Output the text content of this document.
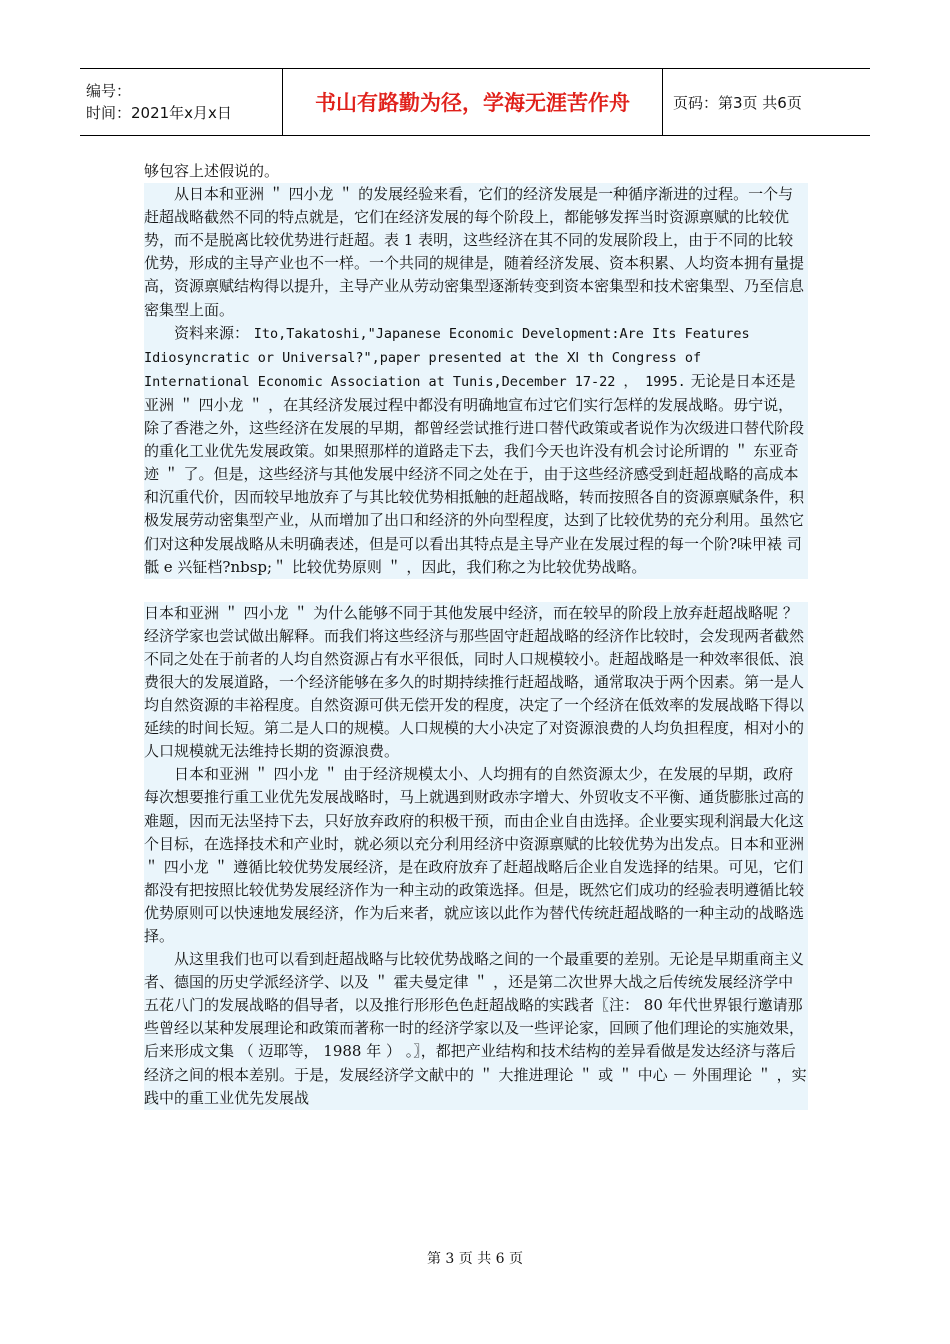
编号：
时间：2021年x月x日	书山有路勤为径，学海无涯苦作舟	页码：第3页 共6页

够包容上述假说的。

从日本和亚洲 ＂ 四小龙 ＂ 的发展经验来看，它们的经济发展是一种循序渐进的过程。一个与赶超战略截然不同的特点就是，它们在经济发展的每个阶段上，都能够发挥当时资源禀赋的比较优势，而不是脱离比较优势进行赶超。表 1 表明，这些经济在其不同的发展阶段上，由于不同的比较优势，形成的主导产业也不一样。一个共同的规律是，随着经济发展、资本积累、人均资本拥有量提高，资源禀赋结构得以提升，主导产业从劳动密集型逐渐转变到资本密集型和技术密集型、乃至信息密集型上面。

资料来源： Ito,Takatoshi,"Japanese Economic Development:Are Its Features Idiosyncratic or Universal?",paper presented at the Ⅺ th Congress of International Economic Association at Tunis,December 17-22 ， 1995. 无论是日本还是亚洲 ＂ 四小龙 ＂ ，在其经济发展过程中都没有明确地宣布过它们实行怎样的发展战略。毋宁说，除了香港之外，这些经济在发展的早期，都曾经尝试推行进口替代政策或者说作为次级进口替代阶段的重化工业优先发展政策。如果照那样的道路走下去，我们今天也许没有机会讨论所谓的 ＂ 东亚奇迹 ＂ 了。但是，这些经济与其他发展中经济不同之处在于，由于这些经济感受到赶超战略的高成本和沉重代价，因而较早地放弃了与其比较优势相抵触的赶超战略，转而按照各自的资源禀赋条件，积极发展劳动密集型产业，从而增加了出口和经济的外向型程度，达到了比较优势的充分利用。虽然它们对这种发展战略从未明确表述，但是可以看出其特点是主导产业在发展过程的每一个阶?味甲裱 司 骶 e 兴钲档?nbsp;＂ 比较优势原则 ＂ ，因此，我们称之为比较优势战略。

日本和亚洲 ＂ 四小龙 ＂ 为什么能够不同于其他发展中经济，而在较早的阶段上放弃赶超战略呢 ？ 经济学家也尝试做出解释。而我们将这些经济与那些固守赶超战略的经济作比较时，会发现两者截然不同之处在于前者的人均自然资源占有水平很低，同时人口规模较小。赶超战略是一种效率很低、浪费很大的发展道路，一个经济能够在多久的时期持续推行赶超战略，通常取决于两个因素。第一是人均自然资源的丰裕程度。自然资源可供无偿开发的程度，决定了一个经济在低效率的发展战略下得以延续的时间长短。第二是人口的规模。人口规模的大小决定了对资源浪费的人均负担程度，相对小的人口规模就无法维持长期的资源浪费。

日本和亚洲 ＂ 四小龙 ＂ 由于经济规模太小、人均拥有的自然资源太少，在发展的早期，政府每次想要推行重工业优先发展战略时，马上就遇到财政赤字增大、外贸收支不平衡、通货膨胀过高的难题，因而无法坚持下去，只好放弃政府的积极干预，而由企业自由选择。企业要实现利润最大化这个目标，在选择技术和产业时，就必须以充分利用经济中资源禀赋的比较优势为出发点。日本和亚洲 ＂ 四小龙 ＂ 遵循比较优势发展经济，是在政府放弃了赶超战略后企业自发选择的结果。可见，它们都没有把按照比较优势发展经济作为一种主动的政策选择。但是，既然它们成功的经验表明遵循比较优势原则可以快速地发展经济，作为后来者，就应该以此作为替代传统赶超战略的一种主动的战略选择。

从这里我们也可以看到赶超战略与比较优势战略之间的一个最重要的差别。无论是早期重商主义者、德国的历史学派经济学、以及 ＂ 霍夫曼定律 ＂ ，还是第二次世界大战之后传统发展经济学中五花八门的发展战略的倡导者，以及推行形形色色赶超战略的实践者〖注： 80 年代世界银行邀请那些曾经以某种发展理论和政策而著称一时的经济学家以及一些评论家，回顾了他们理论的实施效果，后来形成文集 （ 迈耶等， 1988 年 ） 。〗，都把产业结构和技术结构的差异看做是发达经济与落后经济之间的根本差别。于是，发展经济学文献中的 ＂ 大推进理论 ＂ 或 ＂ 中心 － 外围理论 ＂ ，实践中的重工业优先发展战

第 3 页 共 6 页
